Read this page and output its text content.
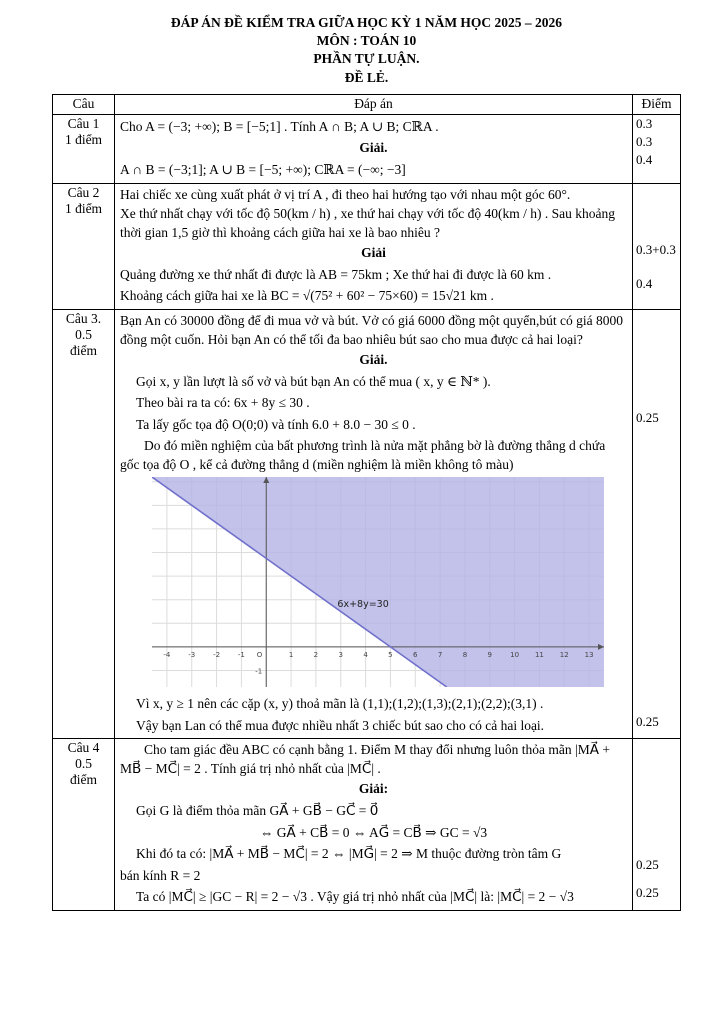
ĐÁP ÁN ĐỀ KIỂM TRA GIỮA HỌC KỲ 1 NĂM HỌC 2025 – 2026
MÔN : TOÁN 10
PHẦN TỰ LUẬN.
ĐỀ LẺ.
Câu	Đáp án	Điểm

Câu 1
1 điểm

Cho A = (−3; +∞); B = [−5;1] . Tính A ∩ B; A ∪ B; CℝA .
Giải.
A ∩ B = (−3;1]; A ∪ B = [−5; +∞); CℝA = (−∞; −3]

0.3
0.3
0.4

Câu 2
1 điểm

Hai chiếc xe cùng xuất phát ở vị trí A , đi theo hai hướng tạo với nhau một góc 60°.
Xe thứ nhất chạy với tốc độ 50(km / h) , xe thứ hai chạy với tốc độ 40(km / h) . Sau khoảng thời gian 1,5 giờ thì khoảng cách giữa hai xe là bao nhiêu ?
Giải
Quảng đường xe thứ nhất đi được là AB = 75km ; Xe thứ hai đi được là 60 km .
Khoảng cách giữa hai xe là BC = √(75² + 60² − 75×60) = 15√21 km .

0.3+0.3
0.4

Câu 3.
0.5
điểm

Bạn An có 30000 đồng để đi mua vở và bút. Vở có giá 6000 đồng một quyển,bút có giá 8000 đồng một cuốn. Hỏi bạn An có thể tối đa bao nhiêu bút sao cho mua được cả hai loại?
Giải.
Gọi x, y lần lượt là số vở và bút bạn An có thể mua ( x, y ∈ ℕ* ).
Theo bài ra ta có: 6x + 8y ≤ 30 .
Ta lấy gốc tọa độ O(0;0) và tính 6.0 + 8.0 − 30 ≤ 0 .
Do đó miền nghiệm của bất phương trình là nửa mặt phẳng bờ là đường thẳng d chứa gốc tọa độ O , kể cả đường thẳng d (miền nghiệm là miền không tô màu)
-4	-3	-2	-1	1	2	3	4	5	6	7	8	9	10 11 12 13
-1
O
6x+8y=30
Vì x, y ≥ 1 nên các cặp (x, y) thoả mãn là (1,1);(1,2);(1,3);(2,1);(2,2);(3,1) .
Vậy bạn Lan có thể mua được nhiều nhất 3 chiếc bút sao cho có cả hai loại.

0.25
0.25

Câu 4
0.5
điểm

Cho tam giác đều ABC có cạnh bằng 1. Điểm M thay đổi nhưng luôn thỏa mãn |MA⃗ + MB⃗ − MC⃗| = 2 . Tính giá trị nhỏ nhất của |MC⃗| .
Giải:
Gọi G là điểm thỏa mãn GA⃗ + GB⃗ − GC⃗ = 0⃗
⇔ GA⃗ + CB⃗ = 0 ⇔ AG⃗ = CB⃗ ⇒ GC = √3
Khi đó ta có: |MA⃗ + MB⃗ − MC⃗| = 2 ⇔ |MG⃗| = 2 ⇒ M thuộc đường tròn tâm G
bán kính R = 2
Ta có |MC⃗| ≥ |GC − R| = 2 − √3 . Vậy giá trị nhỏ nhất của |MC⃗| là: |MC⃗| = 2 − √3

0.25
0.25
